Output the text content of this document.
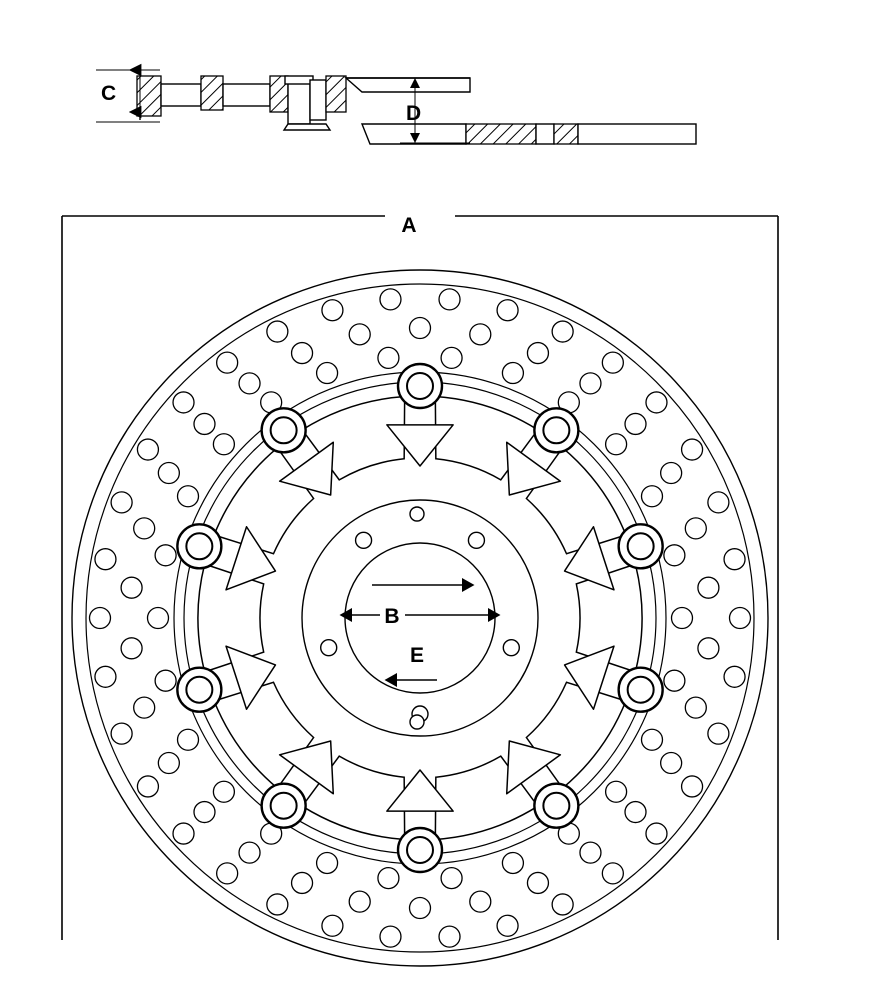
C
D
A
B
E
